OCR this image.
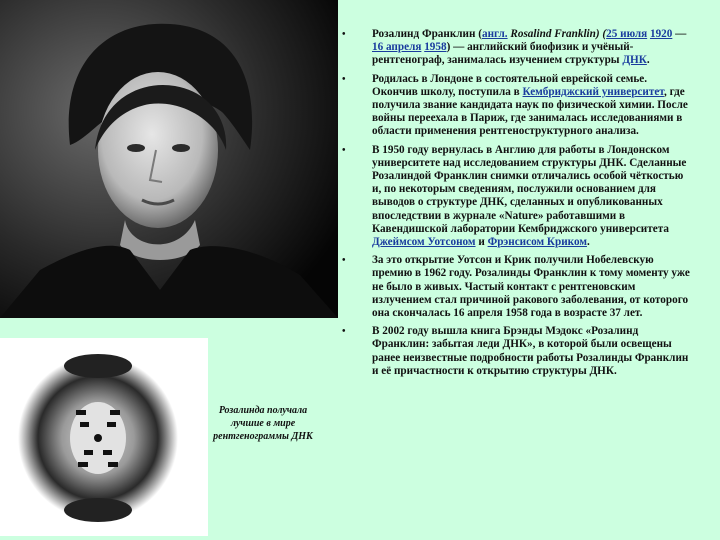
Розалинда получала
лучшие в мире
рентгенограммы ДНК
• Розалинд Франклин (англ. Rosalind Franklin) (25 июля 1920 — 16 апреля 1958) — английский биофизик и учёный-рентгенограф, занималась изучением структуры ДНК.
• Родилась в Лондоне в состоятельной еврейской семье. Окончив школу, поступила в Кембриджский университет, где получила звание кандидата наук по физической химии. После войны переехала в Париж, где занималась исследованиями в области применения рентгеноструктурного анализа.
• В 1950 году вернулась в Англию для работы в Лондонском университете над исследованием структуры ДНК. Сделанные Розалиндой Франклин снимки отличались особой чёткостью и, по некоторым сведениям, послужили основанием для выводов о структуре ДНК, сделанных и опубликованных впоследствии в журнале «Nature» работавшими в Кавендишской лаборатории Кембриджского университета Джеймсом Уотсоном и Фрэнсисом Криком.
• За это открытие Уотсон и Крик получили Нобелевскую премию в 1962 году. Розалинды Франклин к тому моменту уже не было в живых. Частый контакт с рентгеновским излучением стал причиной ракового заболевания, от которого она скончалась 16 апреля 1958 года в возрасте 37 лет.
• В 2002 году вышла книга Брэнды Мэдокс «Розалинд Франклин: забытая леди ДНК», в которой были освещены ранее неизвестные подробности работы Розалинды Франклин и её причастности к открытию структуры ДНК.
